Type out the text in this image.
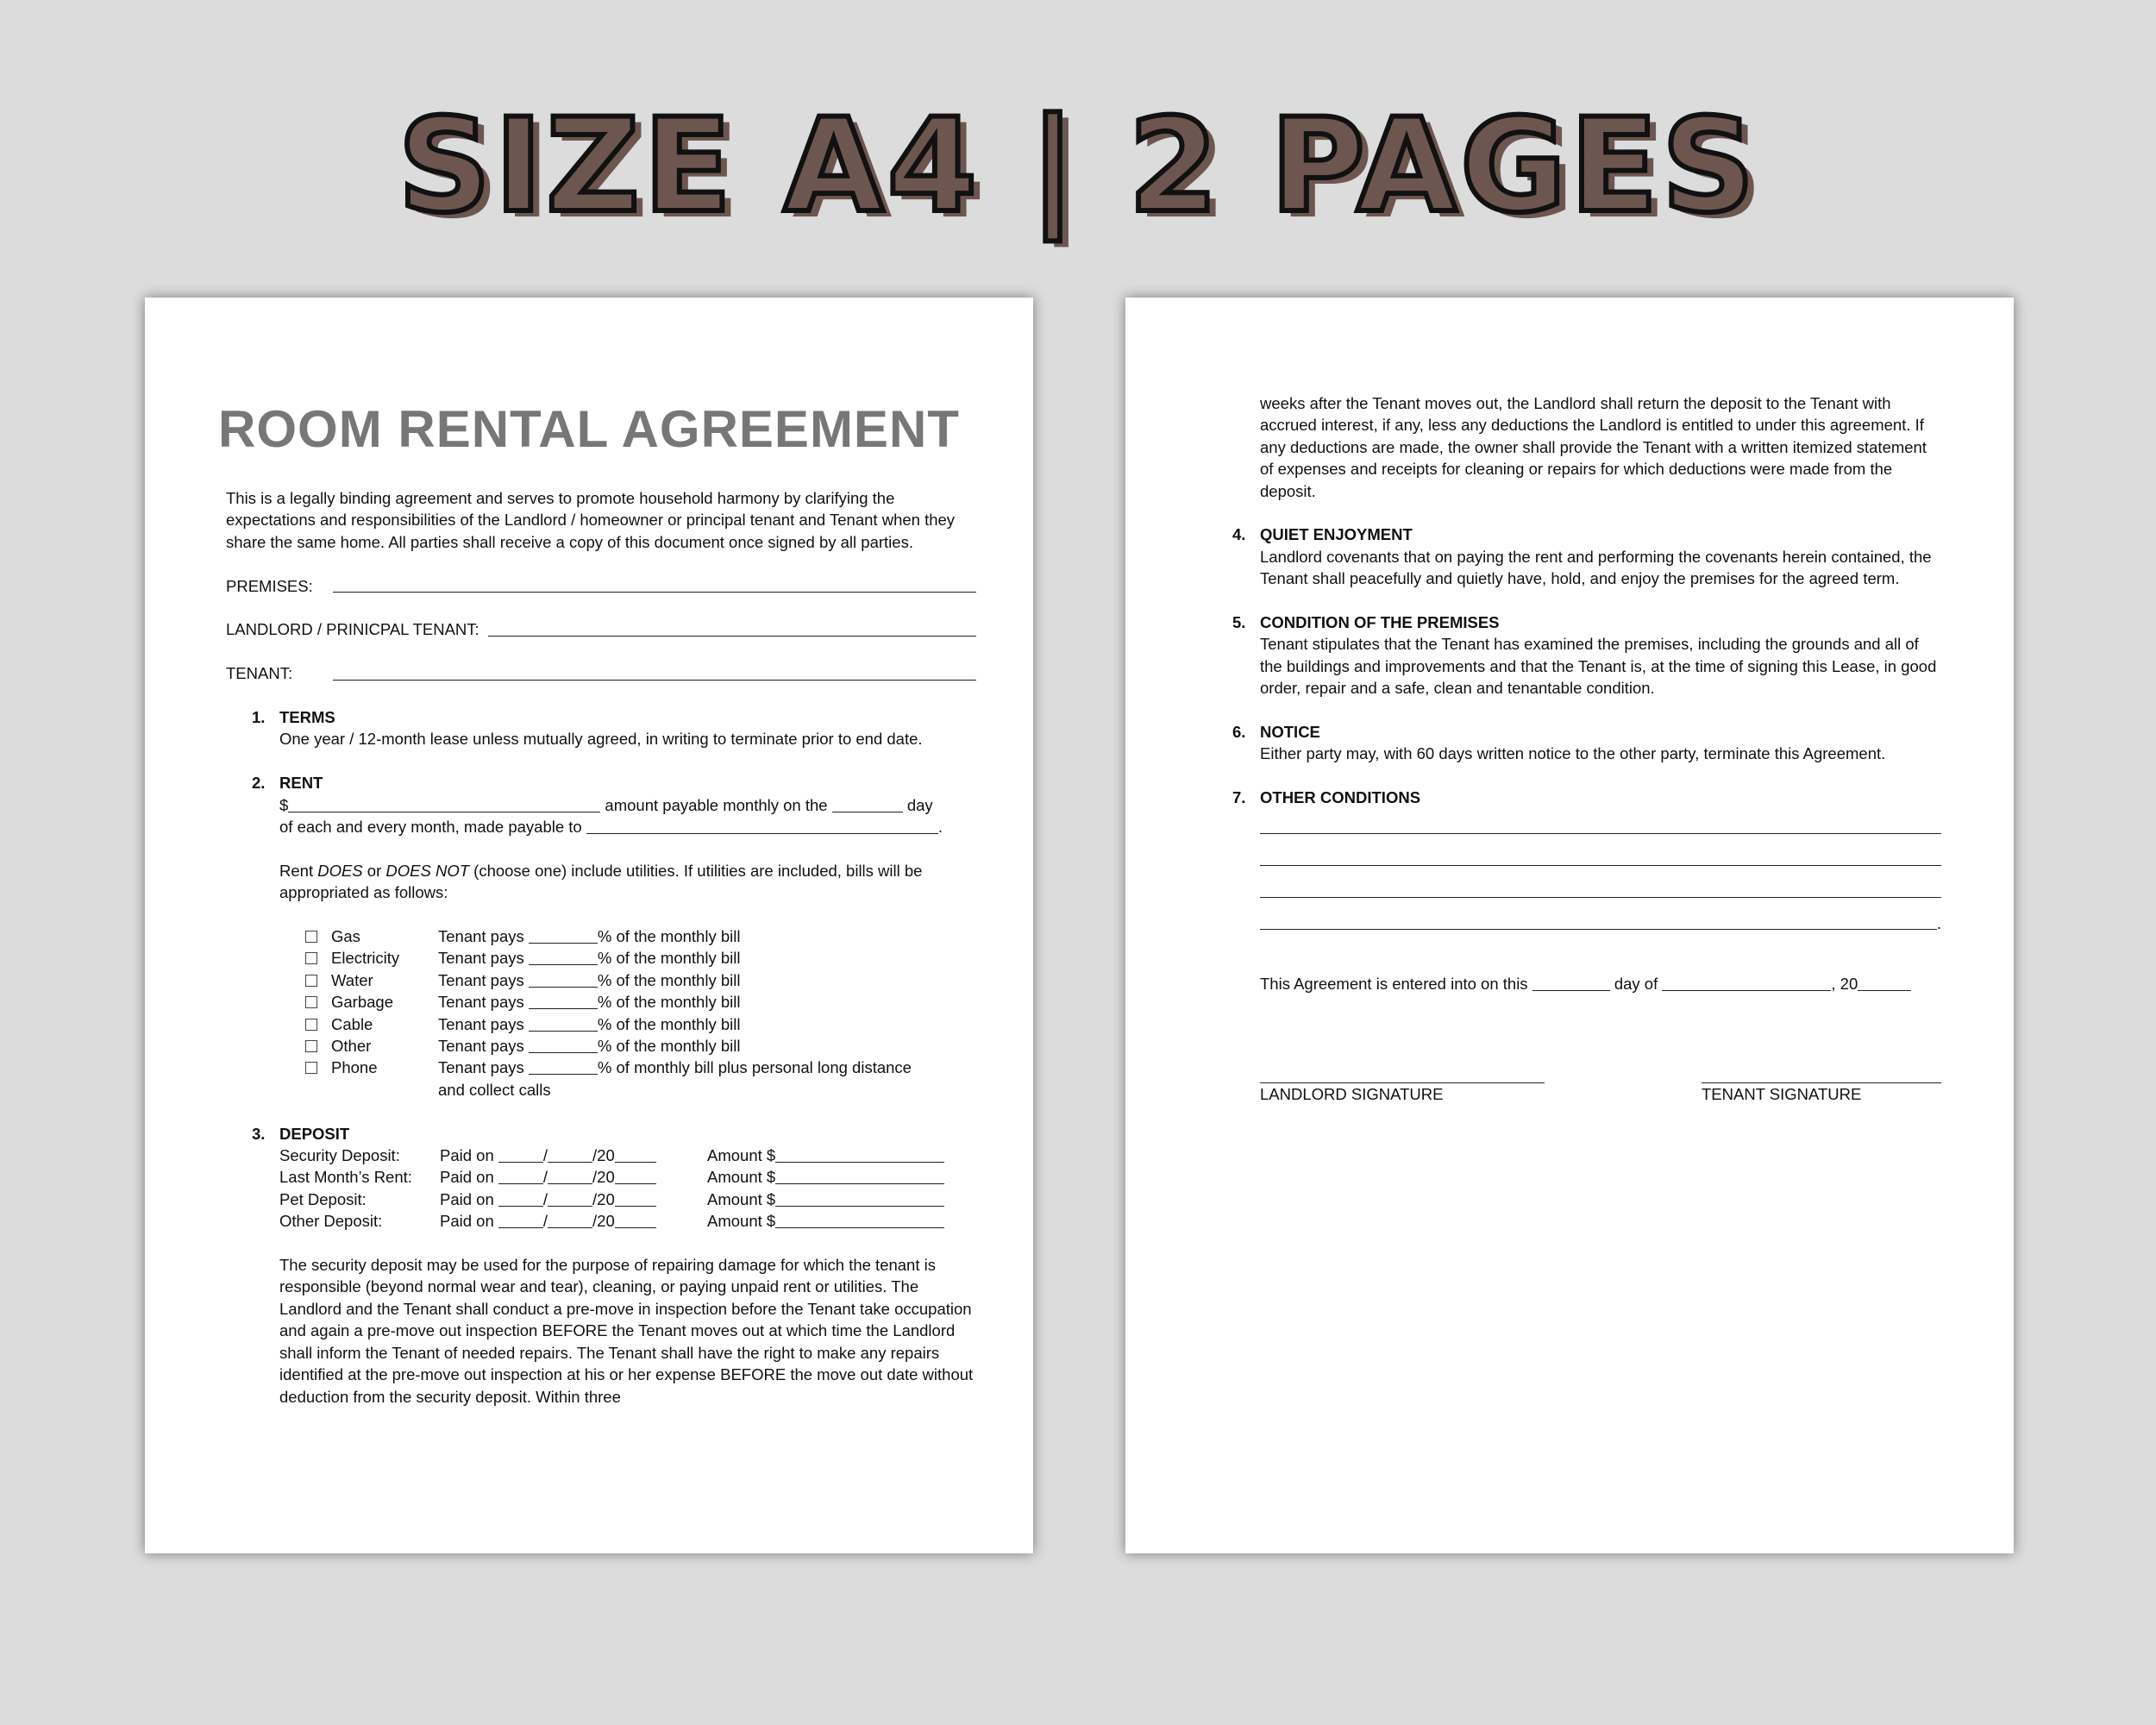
SIZE A4 | 2 PAGES
ROOM RENTAL AGREEMENT

This is a legally binding agreement and serves to promote household harmony by clarifying the expectations and responsibilities of the Landlord / homeowner or principal tenant and Tenant when they share the same home. All parties shall receive a copy of this document once signed by all parties.

PREMISES:
LANDLORD / PRINICPAL TENANT:
TENANT:
1. TERMS
One year / 12-month lease unless mutually agreed, in writing to terminate prior to end date.
2. RENT
$	amount payable monthly on the	day
of each and every month, made payable to	.
Rent DOES or DOES NOT (choose one) include utilities. If utilities are included, bills will be appropriated as follows:
Gas	Tenant pays	% of the monthly bill
Electricity	Tenant pays	% of the monthly bill
Water	Tenant pays	% of the monthly bill
Garbage	Tenant pays	% of the monthly bill
Cable	Tenant pays	% of the monthly bill
Other	Tenant pays	% of the monthly bill
Phone	Tenant pays	% of monthly bill plus personal long distance
and collect calls
3. DEPOSIT
Security Deposit:	Paid on	/	/20	Amount $
Last Month’s Rent:	Paid on	/	/20	Amount $
Pet Deposit:	Paid on	/	/20	Amount $
Other Deposit:	Paid on	/	/20	Amount $

The security deposit may be used for the purpose of repairing damage for which the tenant is responsible (beyond normal wear and tear), cleaning, or paying unpaid rent or utilities. The Landlord and the Tenant shall conduct a pre-move in inspection before the Tenant take occupation and again a pre-move out inspection BEFORE the Tenant moves out at which time the Landlord shall inform the Tenant of needed repairs. The Tenant shall have the right to make any repairs identified at the pre-move out inspection at his or her expense BEFORE the move out date without deduction from the security deposit. Within three

weeks after the Tenant moves out, the Landlord shall return the deposit to the Tenant with accrued interest, if any, less any deductions the Landlord is entitled to under this agreement. If any deductions are made, the owner shall provide the Tenant with a written itemized statement of expenses and receipts for cleaning or repairs for which deductions were made from the deposit.

4. QUIET ENJOYMENT
Landlord covenants that on paying the rent and performing the covenants herein contained, the Tenant shall peacefully and quietly have, hold, and enjoy the premises for the agreed term.
5. CONDITION OF THE PREMISES
Tenant stipulates that the Tenant has examined the premises, including the grounds and all of the buildings and improvements and that the Tenant is, at the time of signing this Lease, in good order, repair and a safe, clean and tenantable condition.
6. NOTICE
Either party may, with 60 days written notice to the other party, terminate this Agreement.
7. OTHER CONDITIONS
.
This Agreement is entered into on this	day of	, 20
LANDLORD SIGNATURE	TENANT SIGNATURE
